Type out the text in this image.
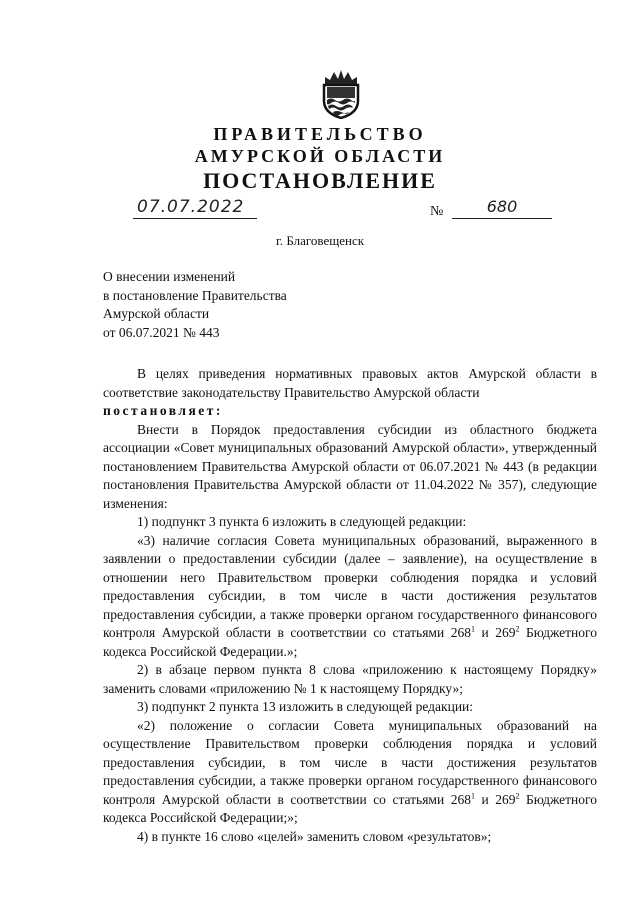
ПРАВИТЕЛЬСТВО
АМУРСКОЙ ОБЛАСТИ
ПОСТАНОВЛЕНИЕ
07.07.2022	№	680
г. Благовещенск
О внесении изменений
в постановление Правительства
Амурской области
от 06.07.2021 № 443

В целях приведения нормативных правовых актов Амурской области в соответствие законодательству Правительство Амурской области

постановляет:

Внести в Порядок предоставления субсидии из областного бюджета ассоциации «Совет муниципальных образований Амурской области», утвержденный постановлением Правительства Амурской области от 06.07.2021 № 443 (в редакции постановления Правительства Амурской области от 11.04.2022 № 357), следующие изменения:

1) подпункт 3 пункта 6 изложить в следующей редакции:

«3) наличие согласия Совета муниципальных образований, выраженного в заявлении о предоставлении субсидии (далее – заявление), на осуществление в отношении него Правительством проверки соблюдения порядка и условий предоставления субсидии, в том числе в части достижения результатов предоставления субсидии, а также проверки органом государственного финансового контроля Амурской области в соответствии со статьями $268^1$ и $269^2$ Бюджетного кодекса Российской Федерации.»;

2) в абзаце первом пункта 8 слова «приложению к настоящему Порядку» заменить словами «приложению № 1 к настоящему Порядку»;

3) подпункт 2 пункта 13 изложить в следующей редакции:

«2) положение о согласии Совета муниципальных образований на осуществление Правительством проверки соблюдения порядка и условий предоставления субсидии, в том числе в части достижения результатов предоставления субсидии, а также проверки органом государственного финансового контроля Амурской области в соответствии со статьями $268^1$ и $269^2$ Бюджетного кодекса Российской Федерации;»;

4) в пункте 16 слово «целей» заменить словом «результатов»;
